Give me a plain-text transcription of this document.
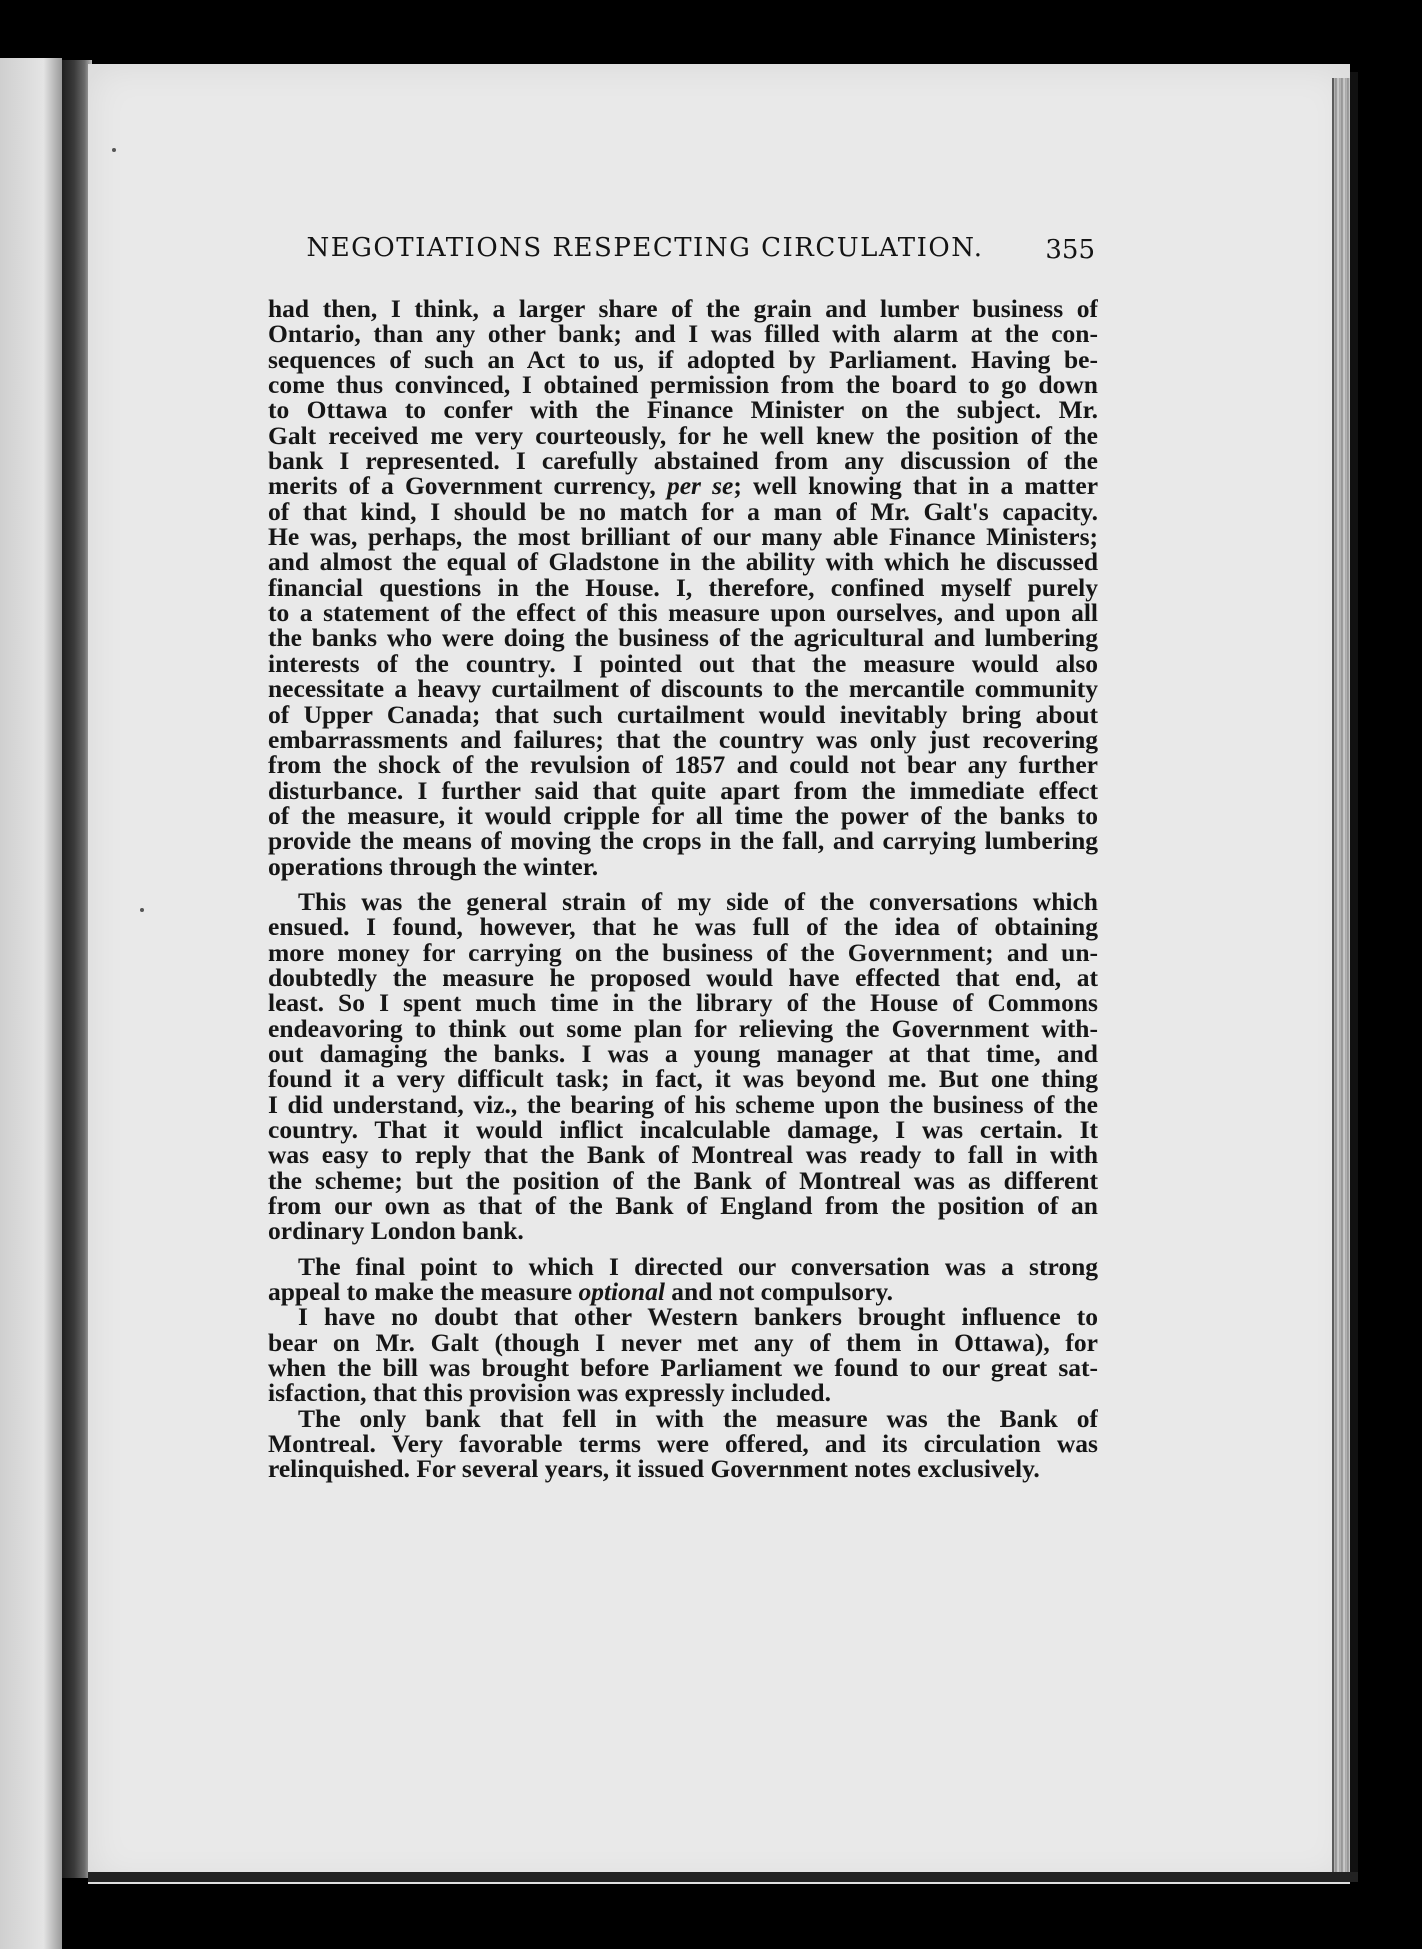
NEGOTIATIONS RESPECTING CIRCULATION.	355

had then, I think, a larger share of the grain and lumber business of

Ontario, than any other bank; and I was filled with alarm at the con-

sequences of such an Act to us, if adopted by Parliament. Having be-

come thus convinced, I obtained permission from the board to go down

to Ottawa to confer with the Finance Minister on the subject. Mr.

Galt received me very courteously, for he well knew the position of the

bank I represented. I carefully abstained from any discussion of the

merits of a Government currency, per se; well knowing that in a matter

of that kind, I should be no match for a man of Mr. Galt's capacity.

He was, perhaps, the most brilliant of our many able Finance Ministers;

and almost the equal of Gladstone in the ability with which he discussed

financial questions in the House. I, therefore, confined myself purely

to a statement of the effect of this measure upon ourselves, and upon all

the banks who were doing the business of the agricultural and lumbering

interests of the country. I pointed out that the measure would also

necessitate a heavy curtailment of discounts to the mercantile community

of Upper Canada; that such curtailment would inevitably bring about

embarrassments and failures; that the country was only just recovering

from the shock of the revulsion of 1857 and could not bear any further

disturbance. I further said that quite apart from the immediate effect

of the measure, it would cripple for all time the power of the banks to

provide the means of moving the crops in the fall, and carrying lumbering

operations through the winter.

This was the general strain of my side of the conversations which

ensued. I found, however, that he was full of the idea of obtaining

more money for carrying on the business of the Government; and un-

doubtedly the measure he proposed would have effected that end, at

least. So I spent much time in the library of the House of Commons

endeavoring to think out some plan for relieving the Government with-

out damaging the banks. I was a young manager at that time, and

found it a very difficult task; in fact, it was beyond me. But one thing

I did understand, viz., the bearing of his scheme upon the business of the

country. That it would inflict incalculable damage, I was certain. It

was easy to reply that the Bank of Montreal was ready to fall in with

the scheme; but the position of the Bank of Montreal was as different

from our own as that of the Bank of England from the position of an

ordinary London bank.

The final point to which I directed our conversation was a strong

appeal to make the measure optional and not compulsory.

I have no doubt that other Western bankers brought influence to

bear on Mr. Galt (though I never met any of them in Ottawa), for

when the bill was brought before Parliament we found to our great sat-

isfaction, that this provision was expressly included.

The only bank that fell in with the measure was the Bank of

Montreal. Very favorable terms were offered, and its circulation was

relinquished. For several years, it issued Government notes exclusively.
